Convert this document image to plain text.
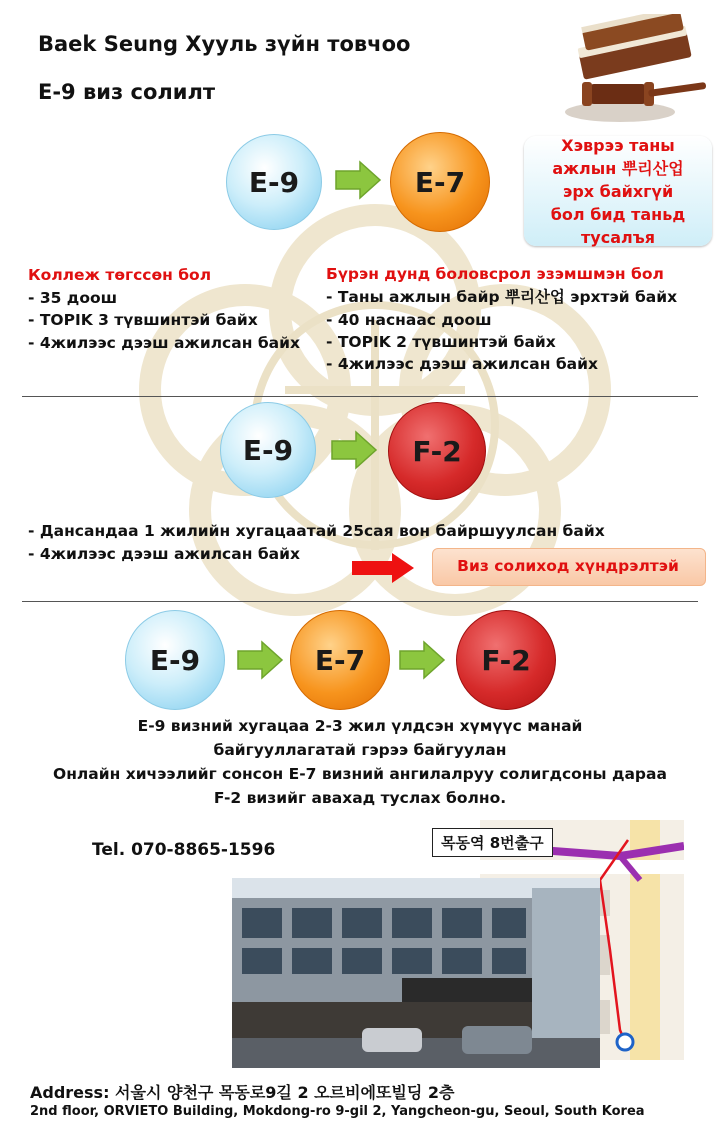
Baek Seung Хууль зүйн товчоо
E-9 виз солилт
E-9	E-7
Хэврээ таны ажлын 뿌리산업 эрх байхгүй бол бид таньд тусалъя
Коллеж төгссөн бол
- 35 доош
- TOPIK 3 түвшинтэй байх
- 4жилээс дээш ажилсан байх
Бүрэн дунд боловсрол эзэмшмэн бол
- Таны ажлын байр 뿌리산업 эрхтэй байх
- 40 наснаас доош
- TOPIK 2 түвшинтэй байх
- 4жилээс дээш ажилсан байх
E-9	F-2
- Дансандаа 1 жилийн хугацаатай 25сая вон байршуулсан байх
- 4жилээс дээш ажилсан байх
Виз солиход хүндрэлтэй
E-9	E-7	F-2
E-9 визний хугацаа 2-3 жил үлдсэн хүмүүс манай
байгууллагатай гэрээ байгуулан
Онлайн хичээлийг сонсон E-7 визний ангилалруу солигдсоны дараа
F-2 визийг авахад туслах болно.
Tel. 070-8865-1596	목동역 8번출구
Address: 서울시 양천구 목동로9길 2 오르비에또빌딩 2층
2nd floor, ORVIETO Building, Mokdong-ro 9-gil 2, Yangcheon-gu, Seoul, South Korea
